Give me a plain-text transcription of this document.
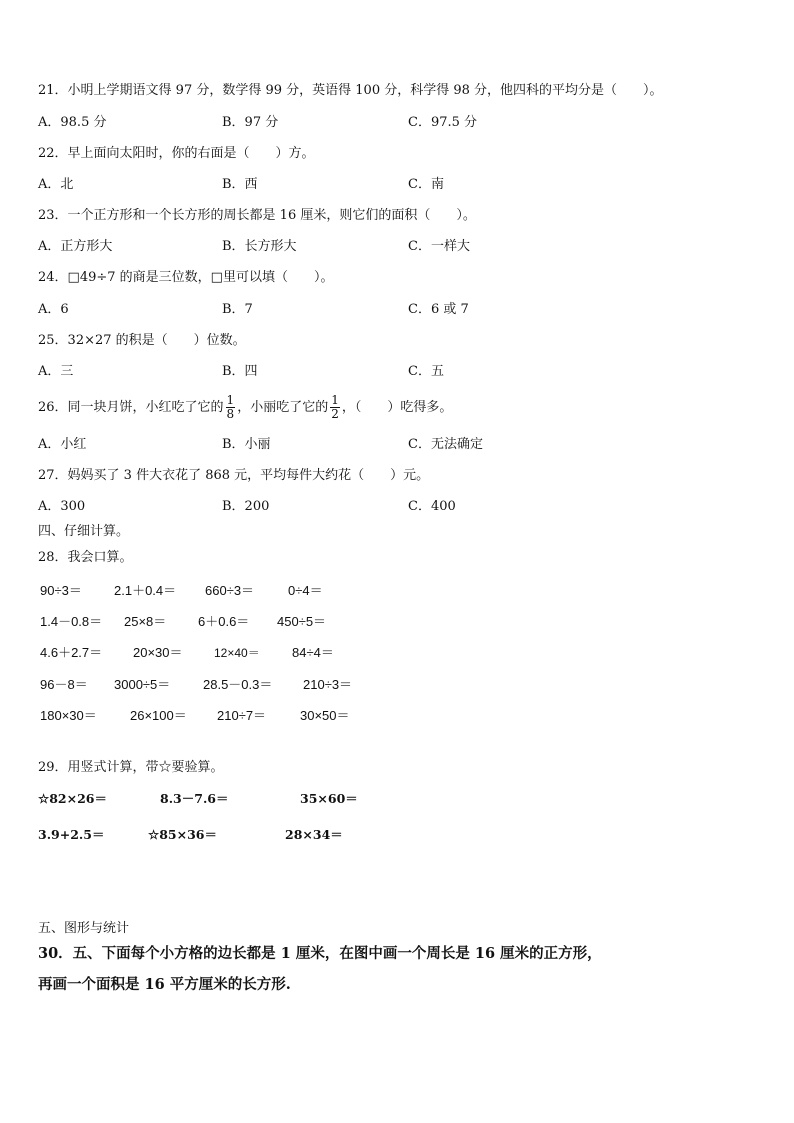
21．小明上学期语文得 97 分，数学得 99 分，英语得 100 分，科学得 98 分，他四科的平均分是（　　）。
A．98.5 分	B．97 分	C．97.5 分
22．早上面向太阳时，你的右面是（　　）方。
A．北	B．西	C．南
23．一个正方形和一个长方形的周长都是 16 厘米，则它们的面积（　　）。
A．正方形大	B．长方形大	C．一样大
24．□49÷7 的商是三位数，□里可以填（　　）。
A．6	B．7	C．6 或 7
25．32×27 的积是（　　）位数。
A．三	B．四	C．五
26．同一块月饼，小红吃了它的 $\frac{1}{8}$ ，小丽吃了它的 $\frac{1}{2}$ ，（　　）吃得多。
A．小红	B．小丽	C．无法确定
27．妈妈买了 3 件大衣花了 868 元，平均每件大约花（　　）元。
A．300	B．200	C．400
四、仔细计算。
28．我会口算。
90÷3＝ 2.1＋0.4＝ 660÷3＝	0÷4＝
1.4－0.8＝ 25×8＝ 6＋0.6＝ 450÷5＝
4.6＋2.7＝ 20×30＝	12×40＝ 84÷4＝
96－8＝ 3000÷5＝	28.5－0.3＝ 210÷3＝
180×30＝	26×100＝ 210÷7＝	30×50＝
29．用竖式计算，带☆要验算。
☆82×26＝	8.3－7.6＝	35×60＝
3.9+2.5＝	☆85×36＝	28×34＝
五、图形与统计
30．五、下面每个小方格的边长都是 1 厘米，在图中画一个周长是 16 厘米的正方形，
再画一个面积是 16 平方厘米的长方形.
